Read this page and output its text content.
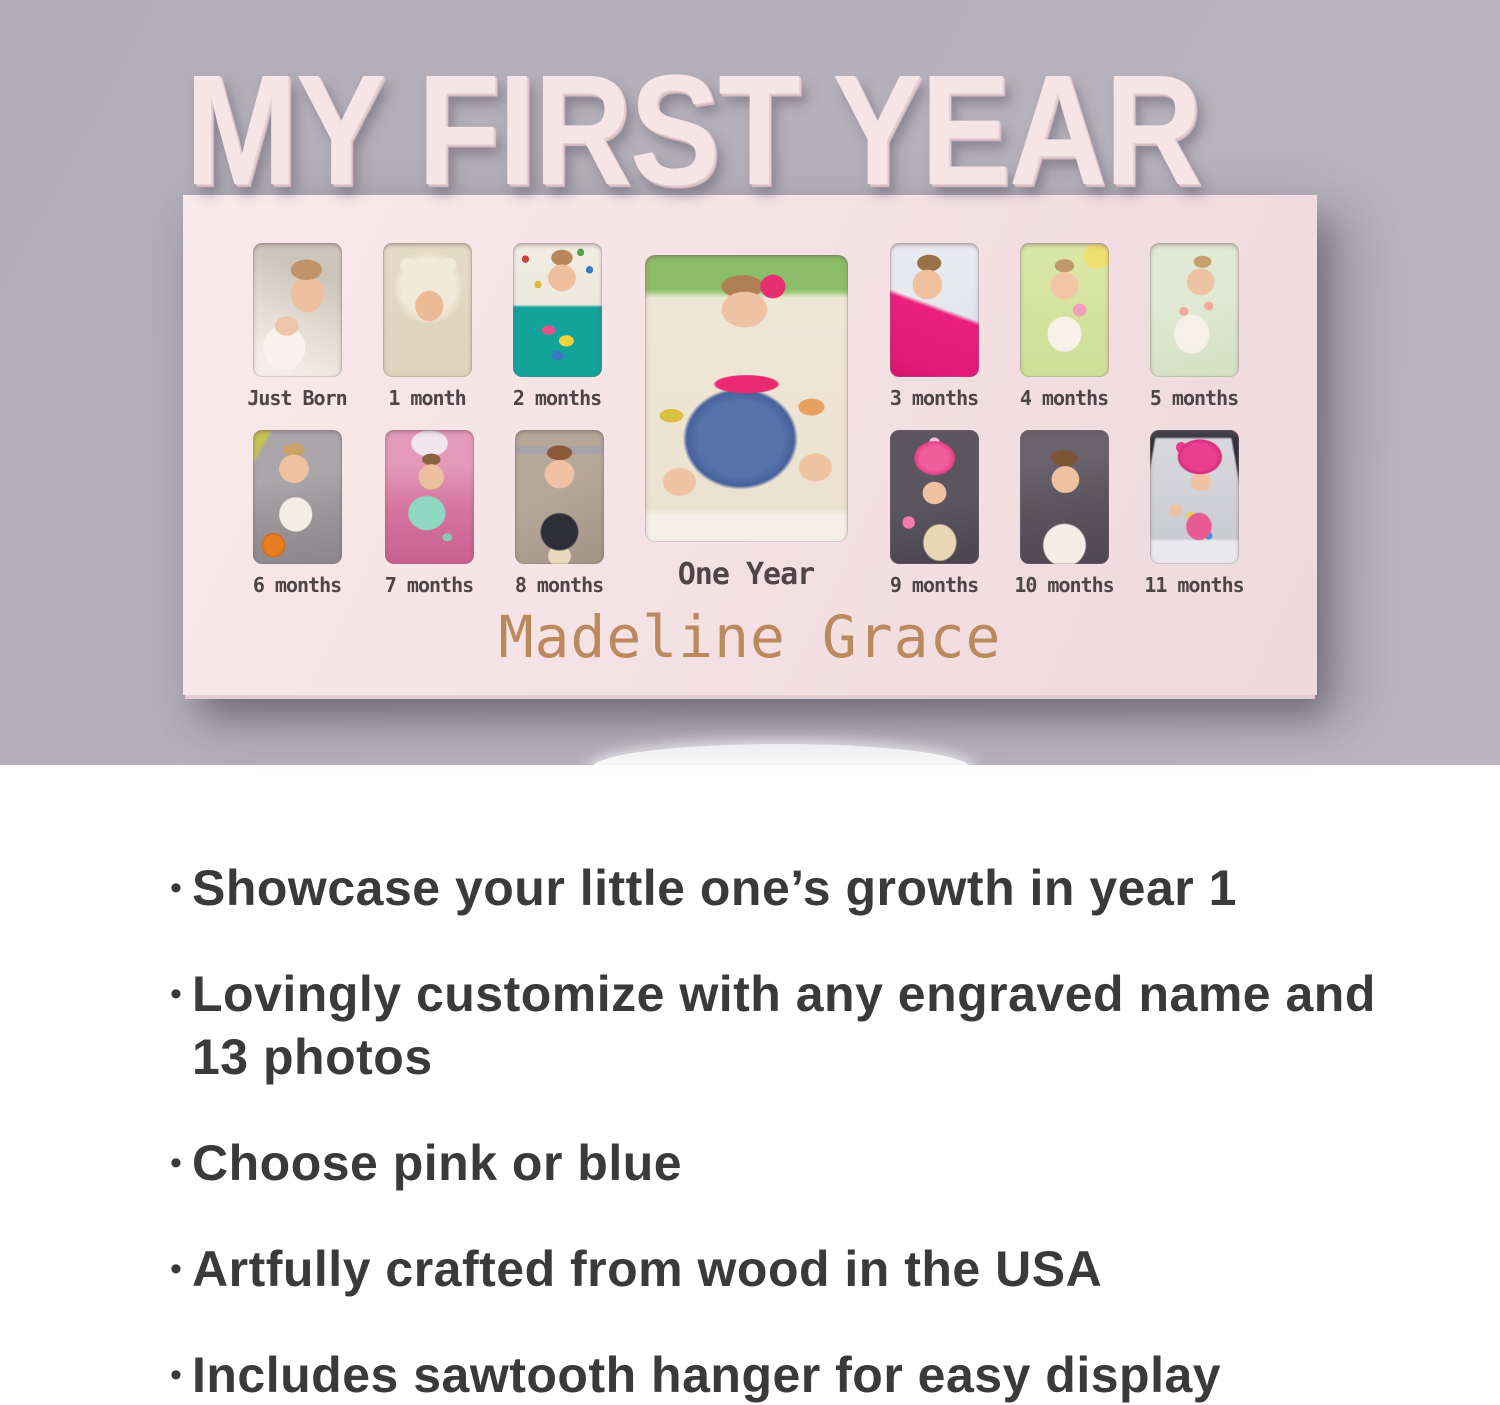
MY FIRST YEAR
Just Born	1 month	2 months
One Year
3 months	4 months	5 months
6 months	7 months	8 months	9 months	10 months 11 months
Madeline Grace
• Showcase your little one’s growth in year 1
• Lovingly customize with any engraved name and 13 photos
• Choose pink or blue
• Artfully crafted from wood in the USA
• Includes sawtooth hanger for easy display
